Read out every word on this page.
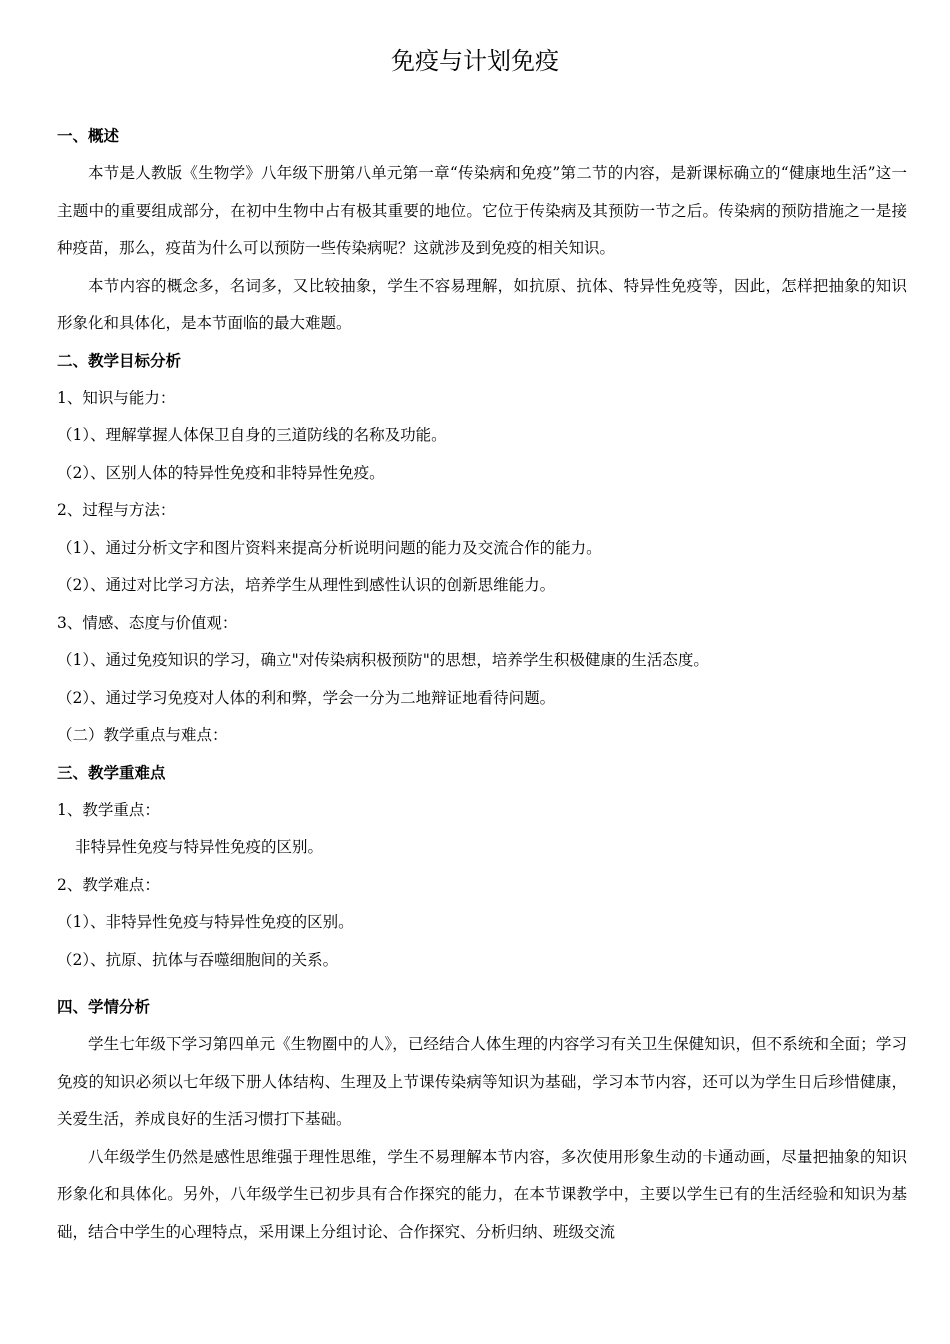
免疫与计划免疫
一、概述
本节是人教版《生物学》八年级下册第八单元第一章“传染病和免疫”第二节的内容，是新课标确立的“健康地生活”这一主题中的重要组成部分，在初中生物中占有极其重要的地位。它位于传染病及其预防一节之后。传染病的预防措施之一是接种疫苗，那么，疫苗为什么可以预防一些传染病呢？这就涉及到免疫的相关知识。
本节内容的概念多，名词多，又比较抽象，学生不容易理解，如抗原、抗体、特异性免疫等，因此，怎样把抽象的知识形象化和具体化，是本节面临的最大难题。
二、教学目标分析
1、知识与能力：
（1）、理解掌握人体保卫自身的三道防线的名称及功能。
（2）、区别人体的特异性免疫和非特异性免疫。
2、过程与方法：
（1）、通过分析文字和图片资料来提高分析说明问题的能力及交流合作的能力。
（2）、通过对比学习方法，培养学生从理性到感性认识的创新思维能力。
3、情感、态度与价值观：
（1）、通过免疫知识的学习，确立"对传染病积极预防"的思想，培养学生积极健康的生活态度。
（2）、通过学习免疫对人体的利和弊，学会一分为二地辩证地看待问题。
（二）教学重点与难点：
三、教学重难点
1、教学重点：
非特异性免疫与特异性免疫的区别。
2、教学难点：
（1）、非特异性免疫与特异性免疫的区别。
（2）、抗原、抗体与吞噬细胞间的关系。
四、学情分析
学生七年级下学习第四单元《生物圈中的人》，已经结合人体生理的内容学习有关卫生保健知识，但不系统和全面；学习免疫的知识必须以七年级下册人体结构、生理及上节课传染病等知识为基础，学习本节内容，还可以为学生日后珍惜健康，关爱生活，养成良好的生活习惯打下基础。
八年级学生仍然是感性思维强于理性思维，学生不易理解本节内容，多次使用形象生动的卡通动画，尽量把抽象的知识形象化和具体化。另外，八年级学生已初步具有合作探究的能力，在本节课教学中，主要以学生已有的生活经验和知识为基础，结合中学生的心理特点，采用课上分组讨论、合作探究、分析归纳、班级交流
